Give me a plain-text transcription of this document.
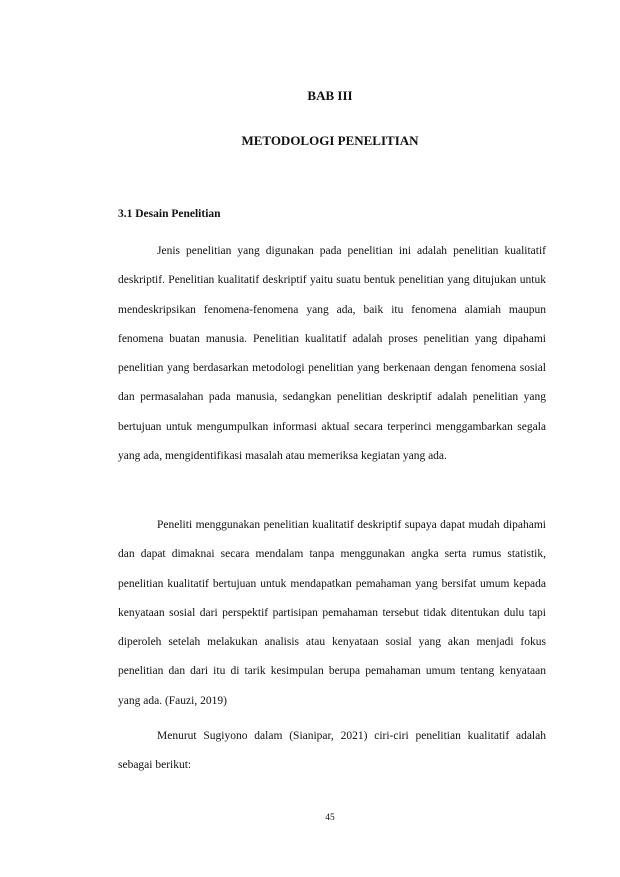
BAB III
METODOLOGI PENELITIAN
3.1 Desain Penelitian

Jenis penelitian yang digunakan pada penelitian ini adalah penelitian kualitatif deskriptif. Penelitian kualitatif deskriptif yaitu suatu bentuk penelitian yang ditujukan untuk mendeskripsikan fenomena-fenomena yang ada, baik itu fenomena alamiah maupun fenomena buatan manusia. Penelitian kualitatif adalah proses penelitian yang dipahami penelitian yang berdasarkan metodologi penelitian yang berkenaan dengan fenomena sosial dan permasalahan pada manusia, sedangkan penelitian deskriptif adalah penelitian yang bertujuan untuk mengumpulkan informasi aktual secara terperinci menggambarkan segala yang ada, mengidentifikasi masalah atau memeriksa kegiatan yang ada.

Peneliti menggunakan penelitian kualitatif deskriptif supaya dapat mudah dipahami dan dapat dimaknai secara mendalam tanpa menggunakan angka serta rumus statistik, penelitian kualitatif bertujuan untuk mendapatkan pemahaman yang bersifat umum kepada kenyataan sosial dari perspektif partisipan pemahaman tersebut tidak ditentukan dulu tapi diperoleh setelah melakukan analisis atau kenyataan sosial yang akan menjadi fokus penelitian dan dari itu di tarik kesimpulan berupa pemahaman umum tentang kenyataan yang ada. (Fauzi, 2019)

Menurut Sugiyono dalam (Sianipar, 2021) ciri-ciri penelitian kualitatif adalah sebagai berikut:

45
